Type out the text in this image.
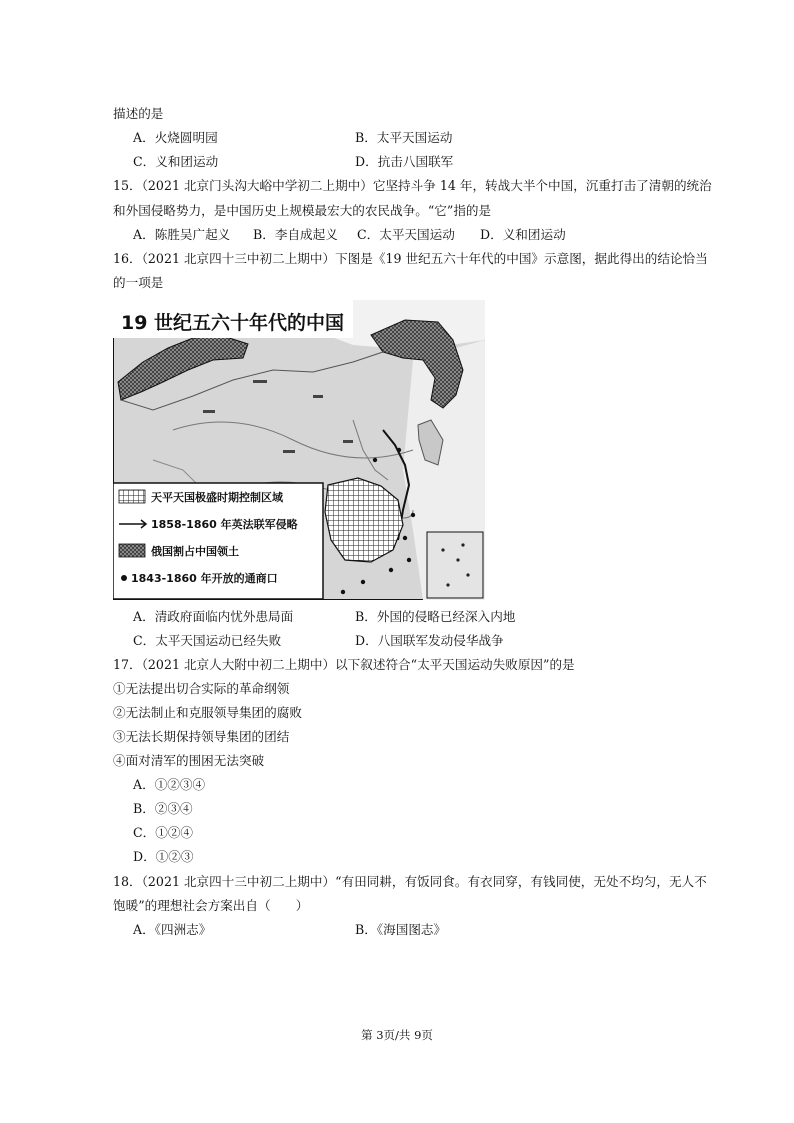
描述的是
A．火烧圆明园	B．太平天国运动
C．义和团运动	D．抗击八国联军
15．（2021 北京门头沟大峪中学初二上期中）它坚持斗争 14 年，转战大半个中国，沉重打击了清朝的统治
和外国侵略势力，是中国历史上规模最宏大的农民战争。“它”指的是
A．陈胜吴广起义 B．李自成起义 C．太平天国运动 D．义和团运动
16．（2021 北京四十三中初二上期中）下图是《19 世纪五六十年代的中国》示意图，据此得出的结论恰当
的一项是
19 世纪五六十年代的中国
天平天国极盛时期控制区域
1858-1860 年英法联军侵略
俄国割占中国领土
1843-1860 年开放的通商口
A．清政府面临内忧外患局面	B．外国的侵略已经深入内地
C．太平天国运动已经失败	D．八国联军发动侵华战争
17．（2021 北京人大附中初二上期中）以下叙述符合“太平天国运动失败原因”的是
①无法提出切合实际的革命纲领
②无法制止和克服领导集团的腐败
③无法长期保持领导集团的团结
④面对清军的围困无法突破
A．①②③④
B．②③④
C．①②④
D．①②③
18．（2021 北京四十三中初二上期中）“有田同耕，有饭同食。有衣同穿，有钱同使，无处不均匀，无人不
饱暖”的理想社会方案出自（　　）
A．《四洲志》	B．《海国图志》
第 3页/共 9页
